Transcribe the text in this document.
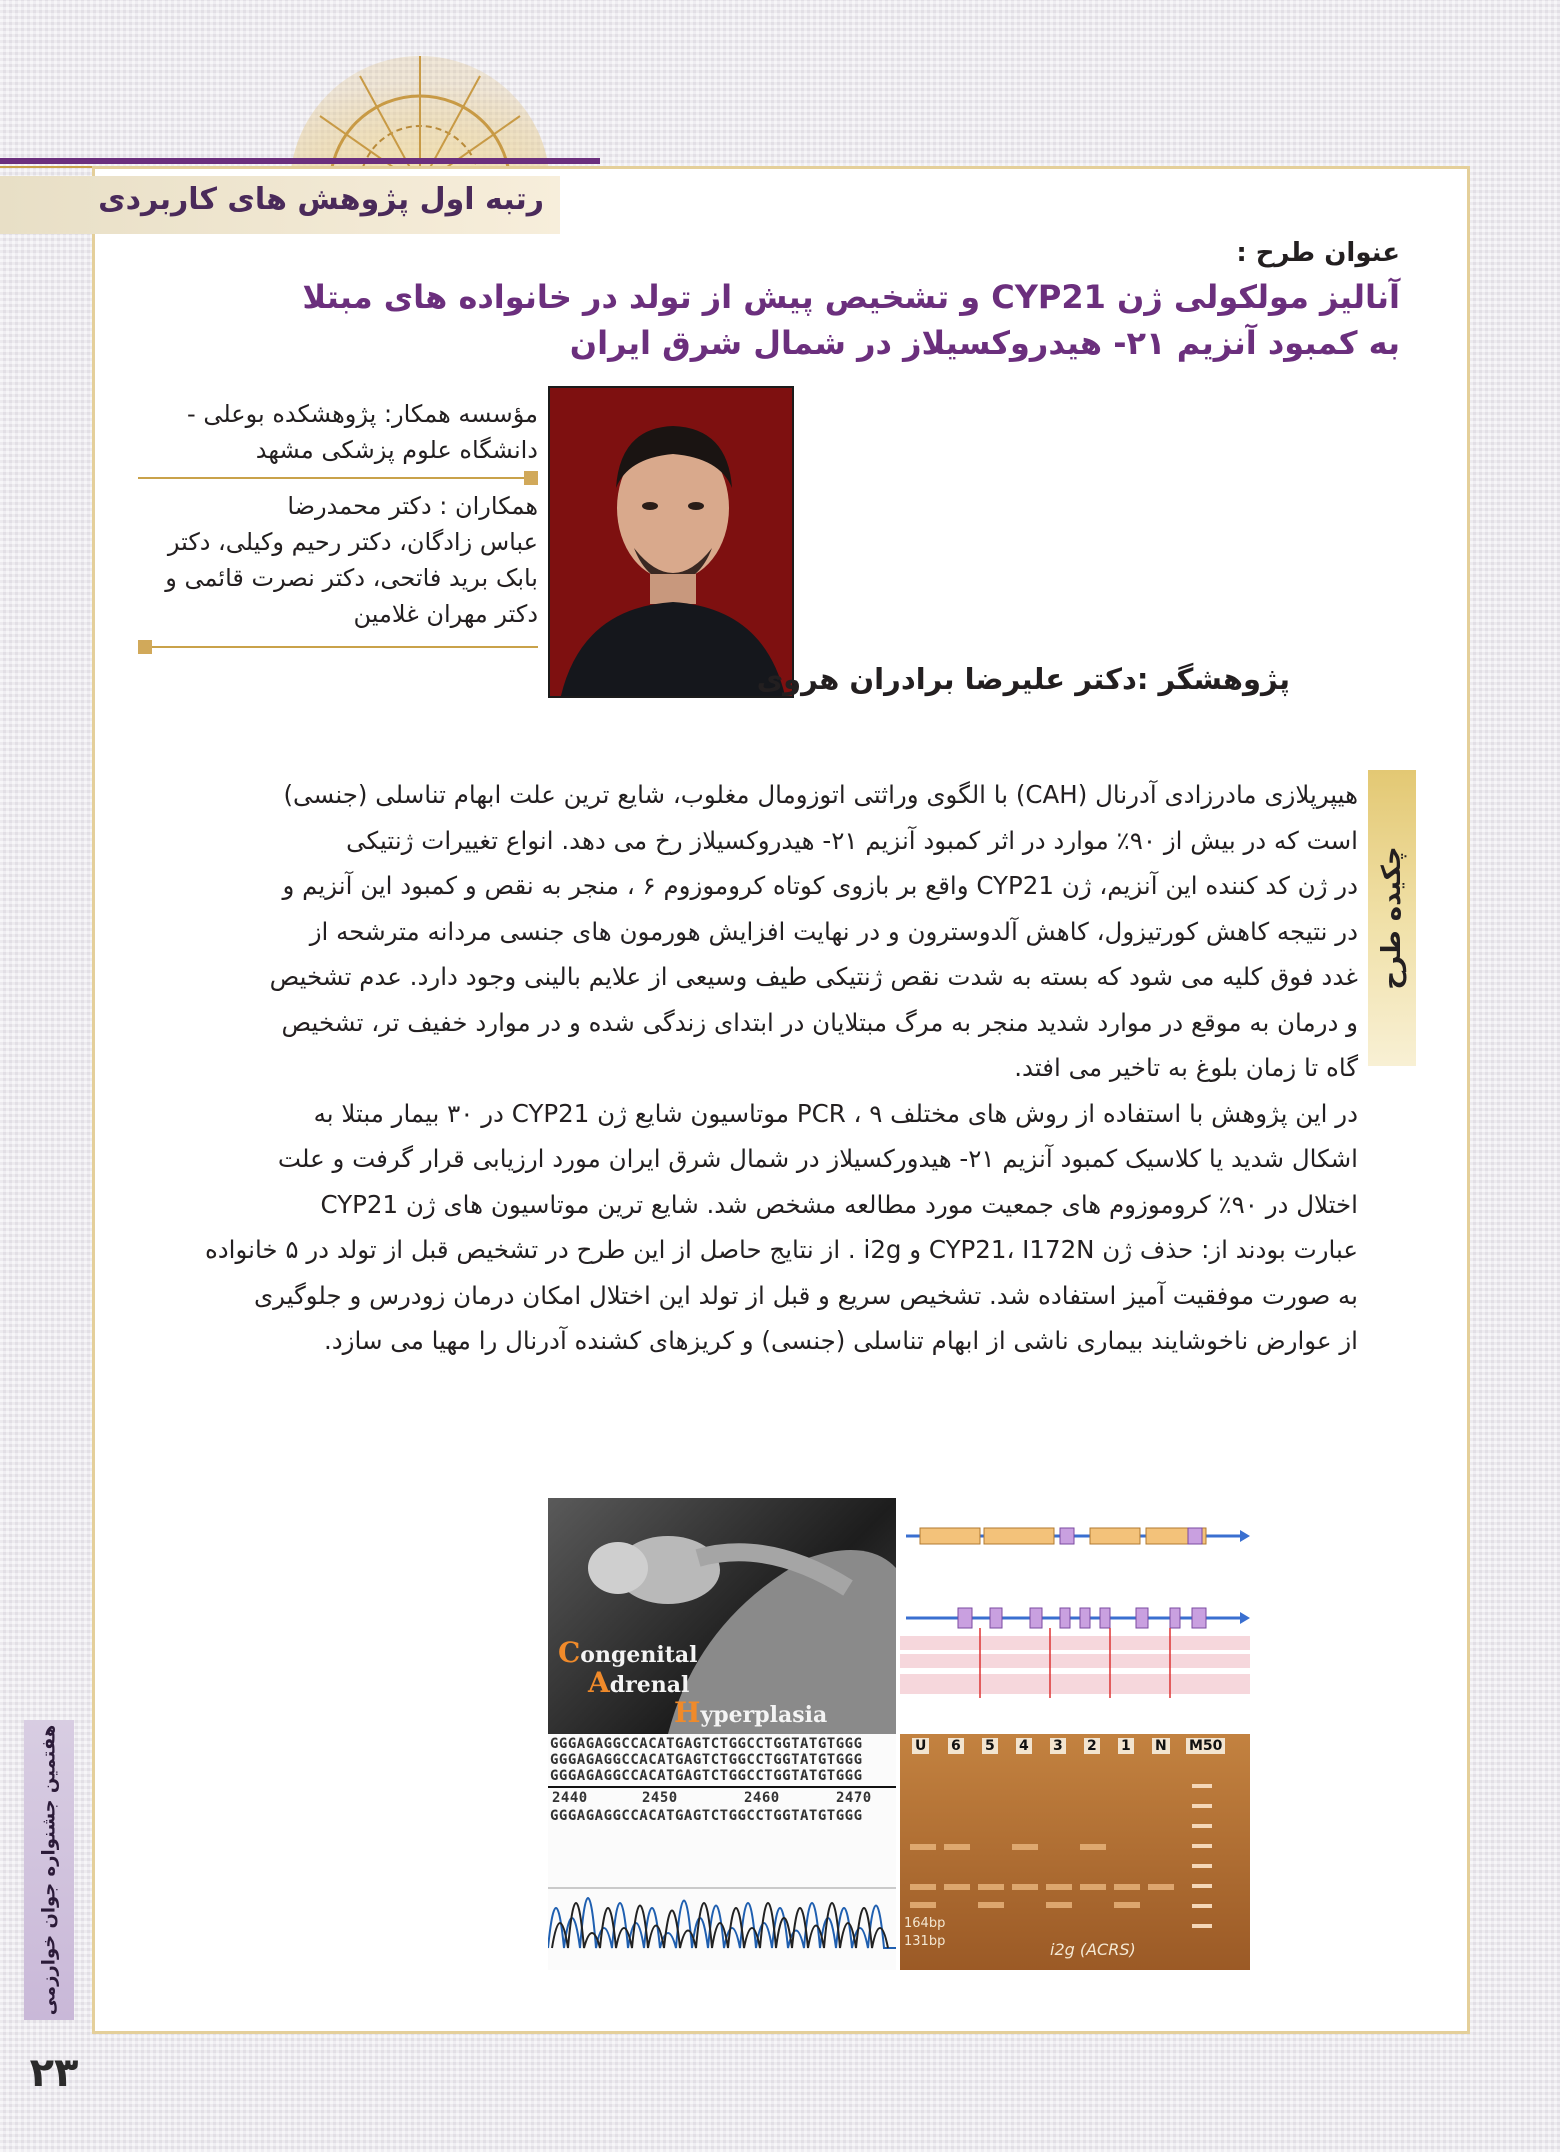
رتبه اول پژوهش های کاربردی
عنوان طرح :
آنالیز مولکولی ژن CYP21 و تشخیص پیش از تولد در خانواده های مبتلا
به کمبود آنزیم ۲۱- هیدروکسیلاز در شمال شرق ایران
مؤسسه همکار: پژوهشکده بوعلی -
دانشگاه علوم پزشکی مشهد
همکاران : دکتر محمدرضا
عباس زادگان، دکتر رحیم وکیلی، دکتر
بابک برید فاتحی، دکتر نصرت قائمی و
دکتر مهران غلامین
پژوهشگر :دکتر علیرضا برادران هروی
چکیده طرح
هیپرپلازی مادرزادی آدرنال (CAH) با الگوی وراثتی اتوزومال مغلوب، شایع ترین علت ابهام تناسلی (جنسی)
است که در بیش از ۹۰٪ موارد در اثر کمبود آنزیم ۲۱- هیدروکسیلاز رخ می دهد. انواع تغییرات ژنتیکی
در ژن کد کننده این آنزیم، ژن CYP21 واقع بر بازوی کوتاه کروموزوم ۶ ، منجر به نقص و کمبود این آنزیم و
در نتیجه کاهش کورتیزول، کاهش آلدوسترون و در نهایت افزایش هورمون های جنسی مردانه مترشحه از
غدد فوق کلیه می شود که بسته به شدت نقص ژنتیکی طیف وسیعی از علایم بالینی وجود دارد. عدم تشخیص
و درمان به موقع در موارد شدید منجر به مرگ مبتلایان در ابتدای زندگی شده و در موارد خفیف تر، تشخیص
گاه تا زمان بلوغ به تاخیر می افتد.
در این پژوهش با استفاده از روش های مختلف PCR ، ۹ موتاسیون شایع ژن CYP21 در ۳۰ بیمار مبتلا به
اشکال شدید یا کلاسیک کمبود آنزیم ۲۱- هیدورکسیلاز در شمال شرق ایران مورد ارزیابی قرار گرفت و علت
اختلال در ۹۰٪ کروموزوم های جمعیت مورد مطالعه مشخص شد. شایع ترین موتاسیون های ژن CYP21
عبارت بودند از: حذف ژن CYP21، I172N و i2g . از نتایج حاصل از این طرح در تشخیص قبل از تولد در ۵ خانواده
به صورت موفقیت آمیز استفاده شد. تشخیص سریع و قبل از تولد این اختلال امکان درمان زودرس و جلوگیری
از عوارض ناخوشایند بیماری ناشی از ابهام تناسلی (جنسی) و کریزهای کشنده آدرنال را مهیا می سازد.
Congenital
Adrenal
Hyperplasia
GGGAGAGGCCACATGAGTCTGGCCTGGTATGTGGG
GGGAGAGGCCACATGAGTCTGGCCTGGTATGTGGG
GGGAGAGGCCACATGAGTCTGGCCTGGTATGTGGG
2440	2450	2460	2470
GGGAGAGGCCACATGAGTCTGGCCTGGTATGTGGG
U 6 5 4 3 2 1 N M50
164bp
131bp	i2g (ACRS)
هفتمین جشنواره جوان خوارزمی
۲۳
